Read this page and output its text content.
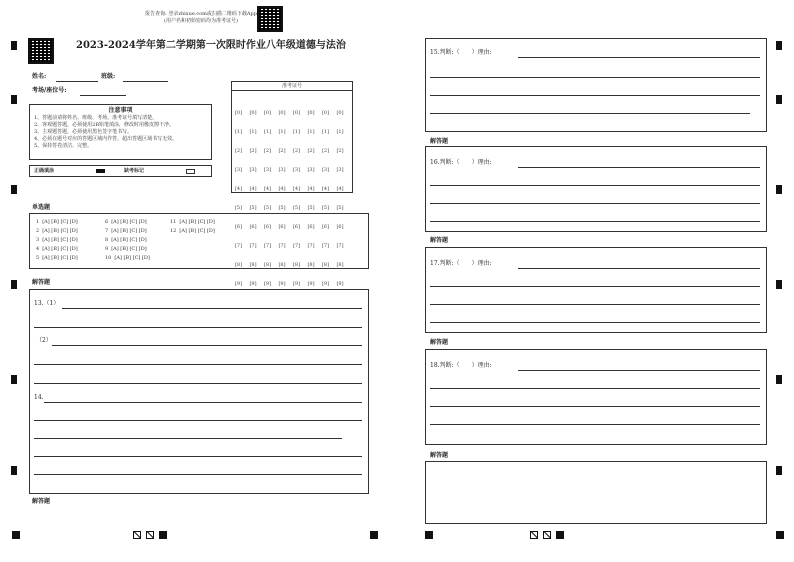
报告查询: 登录zhixue.com或扫描二维码下载App
(用户名和初始密码均为准考证号)
2023-2024学年第二学期第一次限时作业八年级道德与法治
姓名:	班级:
考场/座位号:
准考证号
[0][1][2][3][4][5][6][7][8][9]
[0][1][2][3][4][5][6][7][8][9]
[0][1][2][3][4][5][6][7][8][9]
[0][1][2][3][4][5][6][7][8][9]
[0][1][2][3][4][5][6][7][8][9]
[0][1][2][3][4][5][6][7][8][9]
[0][1][2][3][4][5][6][7][8][9]
[0][1][2][3][4][5][6][7][8][9]
注意事项
1、答题前请将姓名、班级、考场、准考证号填写清楚。
2、客观题答题，必须使用2B铅笔填涂，修改时用橡皮擦干净。
3、主观题答题，必须使用黑色签字笔书写。
4、必须在题号对应的答题区域内作答，超出答题区域书写无效。
5、保持答卷清洁、完整。
正确填涂	缺考标记
单选题
1 [A] [B] [C] [D]
2 [A] [B] [C] [D]
3 [A] [B] [C] [D]
4 [A] [B] [C] [D]
5 [A] [B] [C] [D]
6 [A] [B] [C] [D]
7 [A] [B] [C] [D]
8 [A] [B] [C] [D]
9 [A] [B] [C] [D]
10 [A] [B] [C] [D]
11 [A] [B] [C] [D]
12 [A] [B] [C] [D]
解答题
13.（1）
（2）
14.
解答题
15.判断:（　　）理由:
解答题
16.判断:（　　）理由:
解答题
17.判断:（　　）理由:
解答题
18.判断:（　　）理由:
解答题
